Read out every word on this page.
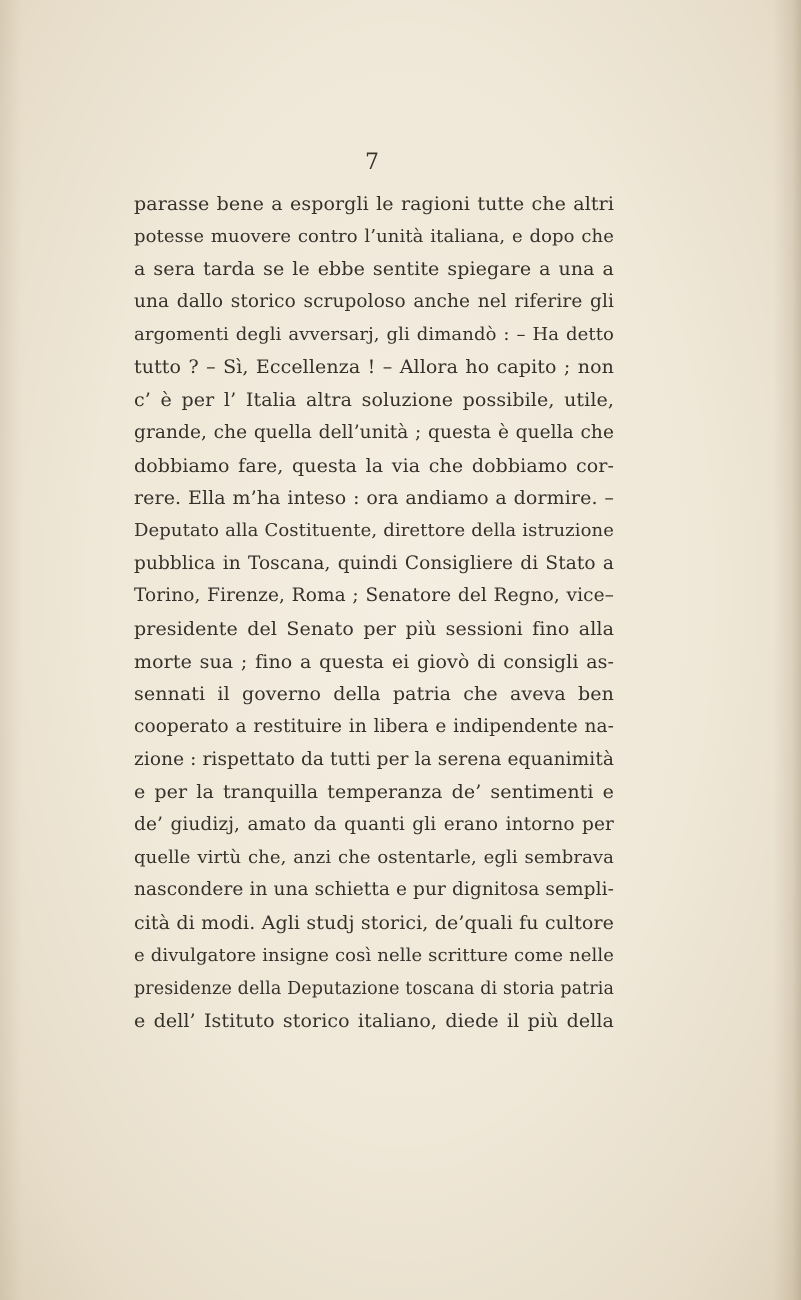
7
parasse bene a esporgli le ragioni tutte che altri
potesse muovere contro l’unità italiana, e dopo che
a sera tarda se le ebbe sentite spiegare a una a
una dallo storico scrupoloso anche nel riferire gli
argomenti degli avversarj, gli dimandò : – Ha detto
tutto ? – Sì, Eccellenza ! – Allora ho capito ; non
c’ è per l’ Italia altra soluzione possibile, utile,
grande, che quella dell’unità ; questa è quella che
dobbiamo fare, questa la via che dobbiamo cor-
rere. Ella m’ha inteso : ora andiamo a dormire. –
Deputato alla Costituente, direttore della istruzione
pubblica in Toscana, quindi Consigliere di Stato a
Torino, Firenze, Roma ; Senatore del Regno, vice–
presidente del Senato per più sessioni fino alla
morte sua ; fino a questa ei giovò di consigli as-
sennati il governo della patria che aveva ben
cooperato a restituire in libera e indipendente na-
zione : rispettato da tutti per la serena equanimità
e per la tranquilla temperanza de’ sentimenti e
de’ giudizj, amato da quanti gli erano intorno per
quelle virtù che, anzi che ostentarle, egli sembrava
nascondere in una schietta e pur dignitosa sempli-
cità di modi. Agli studj storici, de’quali fu cultore
e divulgatore insigne così nelle scritture come nelle
presidenze della Deputazione toscana di storia patria
e dell’ Istituto storico italiano, diede il più della
